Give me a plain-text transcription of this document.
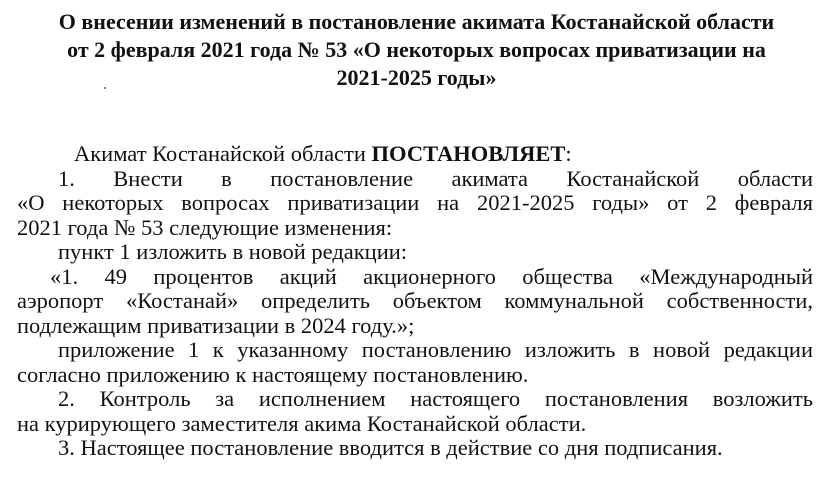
О внесении изменений в постановление акимата Костанайской области
от 2 февраля 2021 года № 53 «О некоторых вопросах приватизации на
2021-2025 годы»
Акимат Костанайской области ПОСТАНОВЛЯЕТ:
1. Внести в постановление акимата Костанайской области
«О некоторых вопросах приватизации на 2021-2025 годы» от 2 февраля
2021 года № 53 следующие изменения:
пункт 1 изложить в новой редакции:
«1. 49 процентов акций акционерного общества «Международный
аэропорт «Костанай» определить объектом коммунальной собственности,
подлежащим приватизации в 2024 году.»;
приложение 1 к указанному постановлению изложить в новой редакции
согласно приложению к настоящему постановлению.
2. Контроль за исполнением настоящего постановления возложить
на курирующего заместителя акима Костанайской области.
3. Настоящее постановление вводится в действие со дня подписания.
